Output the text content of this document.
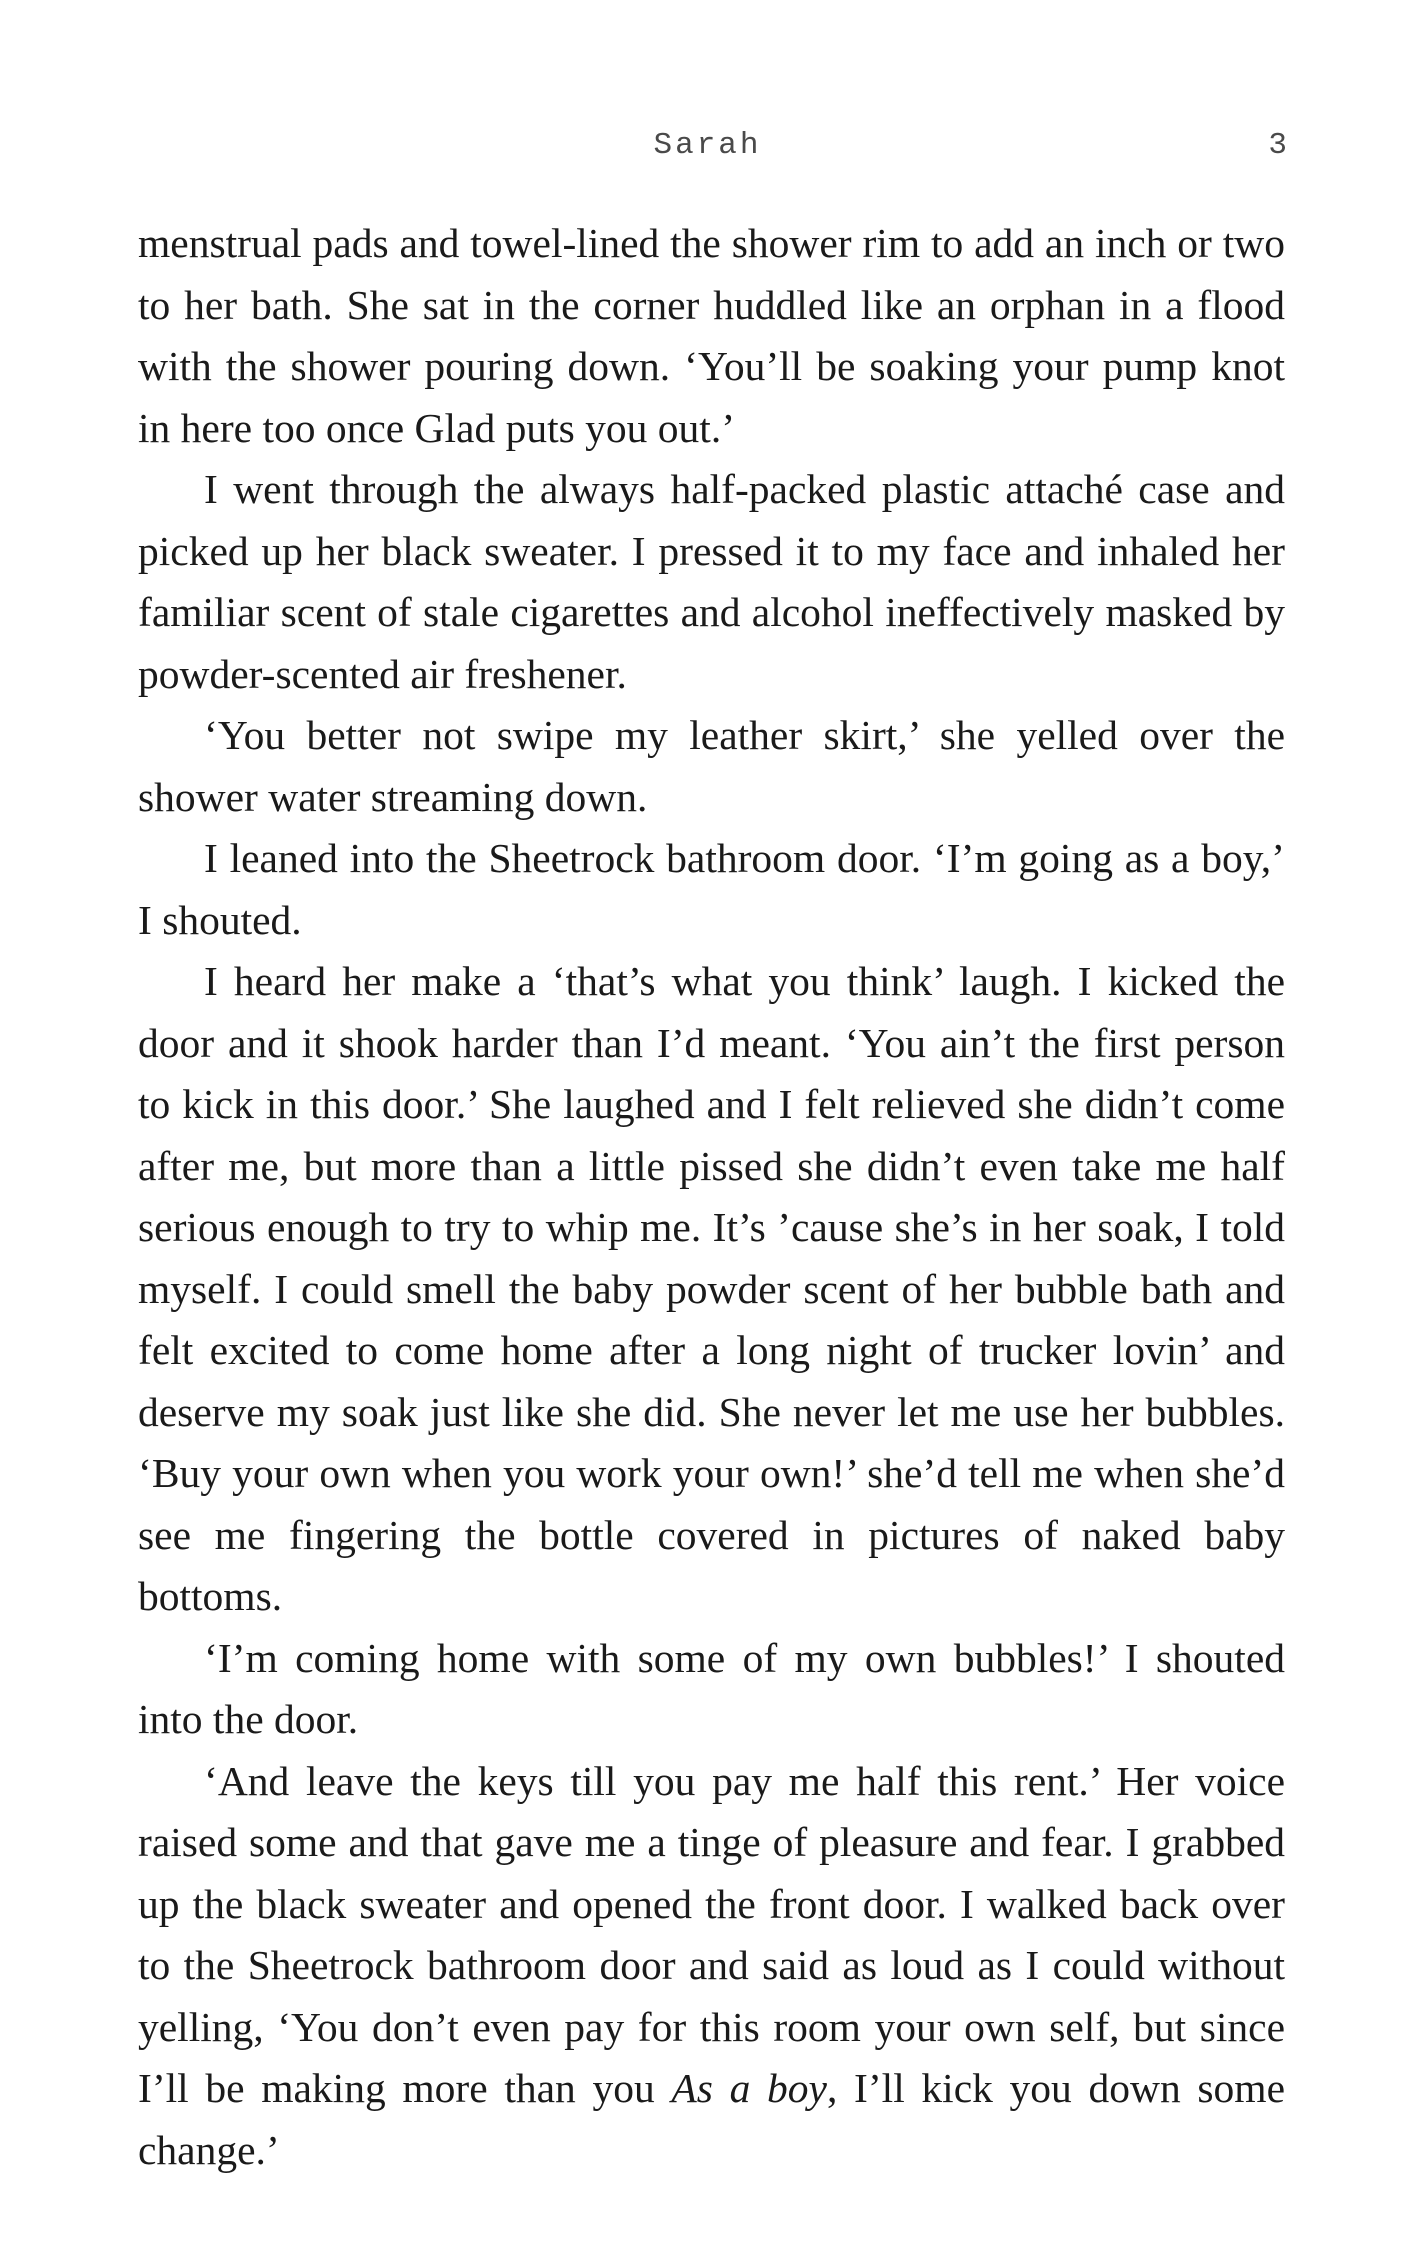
Sarah	3

menstrual pads and towel-lined the shower rim to add an inch or two to her bath. She sat in the corner huddled like an orphan in a flood with the shower pouring down. ‘You’ll be soaking your pump knot in here too once Glad puts you out.’

I went through the always half-packed plastic attaché case and picked up her black sweater. I pressed it to my face and inhaled her familiar scent of stale cigarettes and alcohol ineffectively masked by powder-scented air freshener.

‘You better not swipe my leather skirt,’ she yelled over the shower water streaming down.

I leaned into the Sheetrock bathroom door. ‘I’m going as a boy,’ I shouted.

I heard her make a ‘that’s what you think’ laugh. I kicked the door and it shook harder than I’d meant. ‘You ain’t the first person to kick in this door.’ She laughed and I felt relieved she didn’t come after me, but more than a little pissed she didn’t even take me half serious enough to try to whip me. It’s ’cause she’s in her soak, I told myself. I could smell the baby powder scent of her bubble bath and felt excited to come home after a long night of trucker lovin’ and deserve my soak just like she did. She never let me use her bubbles. ‘Buy your own when you work your own!’ she’d tell me when she’d see me fingering the bottle covered in pictures of naked baby bottoms.

‘I’m coming home with some of my own bubbles!’ I shouted into the door.

‘And leave the keys till you pay me half this rent.’ Her voice raised some and that gave me a tinge of pleasure and fear. I grabbed up the black sweater and opened the front door. I walked back over to the Sheetrock bathroom door and said as loud as I could without yelling, ‘You don’t even pay for this room your own self, but since I’ll be making more than you As a boy, I’ll kick you down some change.’
